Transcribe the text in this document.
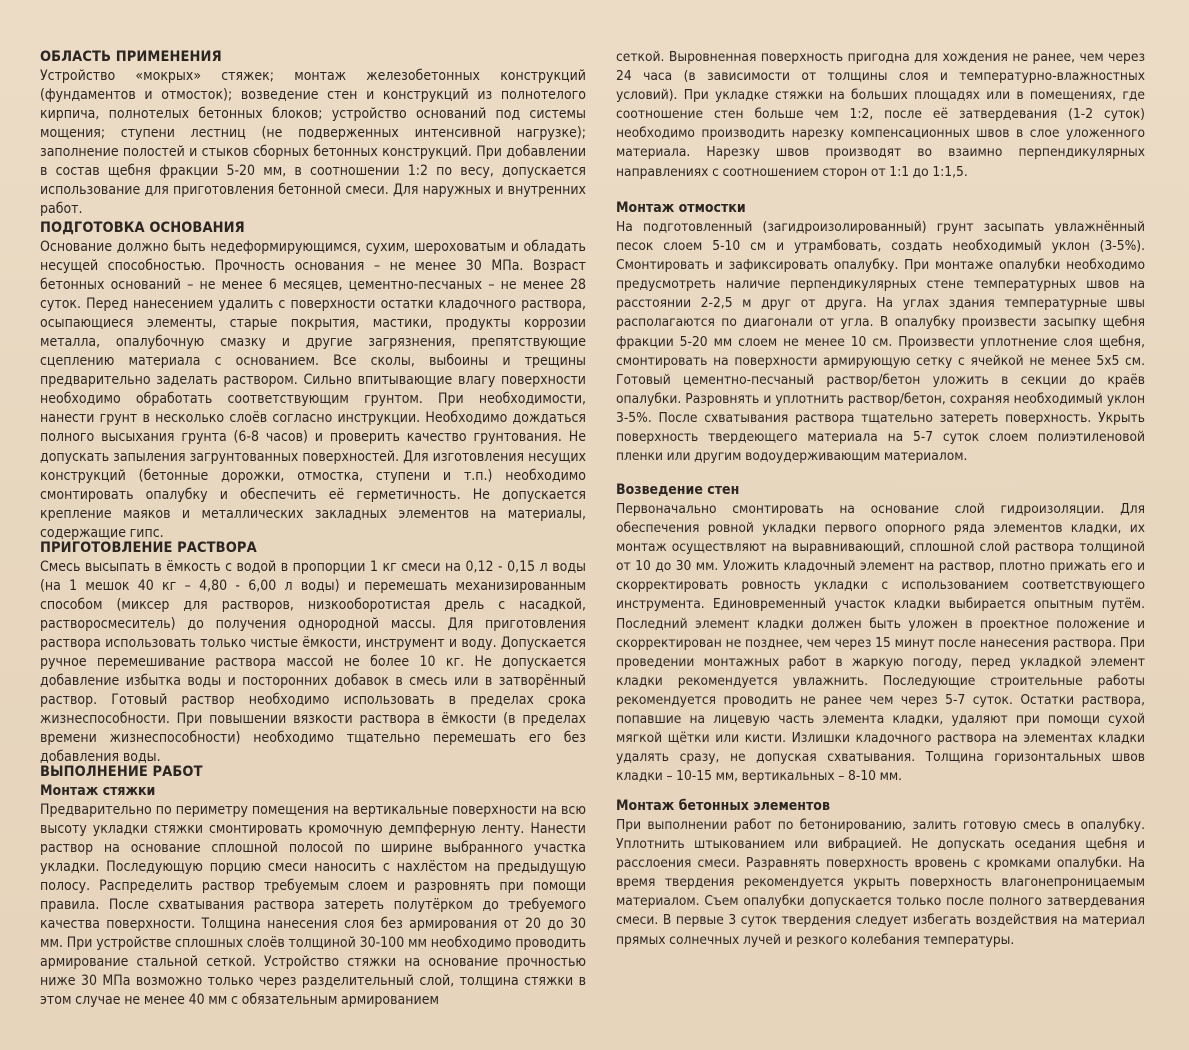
ОБЛАСТЬ ПРИМЕНЕНИЯ

Устройство «мокрых» стяжек; монтаж железобетонных конструкций (фундаментов и отмосток); возведение стен и конструкций из полнотелого кирпича, полнотелых бетонных блоков; устройство оснований под системы мощения; ступени лестниц (не подверженных интенсивной нагрузке); заполнение полостей и стыков сборных бетонных конструкций. При добавлении в состав щебня фракции 5-20 мм, в соотношении 1:2 по весу, допускается использование для приготовления бетонной смеси. Для наружных и внутренних работ.

ПОДГОТОВКА ОСНОВАНИЯ

Основание должно быть недеформирующимся, сухим, шероховатым и обладать несущей способностью. Прочность основания – не менее 30 МПа. Возраст бетонных оснований – не менее 6 месяцев, цементно-песчаных – не менее 28 суток. Перед нанесением удалить с поверхности остатки кладочного раствора, осыпающиеся элементы, старые покрытия, мастики, продукты коррозии металла, опалубочную смазку и другие загрязнения, препятствующие сцеплению материала с основанием. Все сколы, выбоины и трещины предварительно заделать раствором. Сильно впитывающие влагу поверхности необходимо обработать соответствующим грунтом. При необходимости, нанести грунт в несколько слоёв согласно инструкции. Необходимо дождаться полного высыхания грунта (6-8 часов) и проверить качество грунтования. Не допускать запыления загрунтованных поверхностей. Для изготовления несущих конструкций (бетонные дорожки, отмостка, ступени и т.п.) необходимо смонтировать опалубку и обеспечить её герметичность. Не допускается крепление маяков и металлических закладных элементов на материалы, содержащие гипс.

ПРИГОТОВЛЕНИЕ РАСТВОРА

Смесь высыпать в ёмкость с водой в пропорции 1 кг смеси на 0,12 - 0,15 л воды (на 1 мешок 40 кг – 4,80 - 6,00 л воды) и перемешать механизированным способом (миксер для растворов, низкооборотистая дрель с насадкой, растворосмеситель) до получения однородной массы. Для приготовления раствора использовать только чистые ёмкости, инструмент и воду. Допускается ручное перемешивание раствора массой не более 10 кг. Не допускается добавление избытка воды и посторонних добавок в смесь или в затворённый раствор. Готовый раствор необходимо использовать в пределах срока жизнеспособности. При повышении вязкости раствора в ёмкости (в пределах времени жизнеспособности) необходимо тщательно перемешать его без добавления воды.

ВЫПОЛНЕНИЕ РАБОТ
Монтаж стяжки

Предварительно по периметру помещения на вертикальные поверхности на всю высоту укладки стяжки смонтировать кромочную демпферную ленту. Нанести раствор на основание сплошной полосой по ширине выбранного участка укладки. Последующую порцию смеси наносить с нахлёстом на предыдущую полосу. Распределить раствор требуемым слоем и разровнять при помощи правила. После схватывания раствора затереть полутёрком до требуемого качества поверхности. Толщина нанесения слоя без армирования от 20 до 30 мм. При устройстве сплошных слоёв толщиной 30-100 мм необходимо проводить армирование стальной сеткой. Устройство стяжки на основание прочностью ниже 30 МПа возможно только через разделительный слой, толщина стяжки в этом случае не менее 40 мм с обязательным армированием

сеткой. Выровненная поверхность пригодна для хождения не ранее, чем через 24 часа (в зависимости от толщины слоя и температурно-влажностных условий). При укладке стяжки на больших площадях или в помещениях, где соотношение стен больше чем 1:2, после её затвердевания (1-2 суток) необходимо производить нарезку компенсационных швов в слое уложенного материала. Нарезку швов производят во взаимно перпендикулярных направлениях с соотношением сторон от 1:1 до 1:1,5.

Монтаж отмостки

На подготовленный (загидроизолированный) грунт засыпать увлажнённый песок слоем 5-10 см и утрамбовать, создать необходимый уклон (3-5%). Смонтировать и зафиксировать опалубку. При монтаже опалубки необходимо предусмотреть наличие перпендикулярных стене температурных швов на расстоянии 2-2,5 м друг от друга. На углах здания температурные швы располагаются по диагонали от угла. В опалубку произвести засыпку щебня фракции 5-20 мм слоем не менее 10 см. Произвести уплотнение слоя щебня, смонтировать на поверхности армирующую сетку с ячейкой не менее 5х5 см. Готовый цементно-песчаный раствор/бетон уложить в секции до краёв опалубки. Разровнять и уплотнить раствор/бетон, сохраняя необходимый уклон 3-5%. После схватывания раствора тщательно затереть поверхность. Укрыть поверхность твердеющего материала на 5-7 суток слоем полиэтиленовой пленки или другим водоудерживающим материалом.

Возведение стен

Первоначально смонтировать на основание слой гидроизоляции. Для обеспечения ровной укладки первого опорного ряда элементов кладки, их монтаж осуществляют на выравнивающий, сплошной слой раствора толщиной от 10 до 30 мм. Уложить кладочный элемент на раствор, плотно прижать его и скорректировать ровность укладки с использованием соответствующего инструмента. Единовременный участок кладки выбирается опытным путём. Последний элемент кладки должен быть уложен в проектное положение и скорректирован не позднее, чем через 15 минут после нанесения раствора. При проведении монтажных работ в жаркую погоду, перед укладкой элемент кладки рекомендуется увлажнить. Последующие строительные работы рекомендуется проводить не ранее чем через 5-7 суток. Остатки раствора, попавшие на лицевую часть элемента кладки, удаляют при помощи сухой мягкой щётки или кисти. Излишки кладочного раствора на элементах кладки удалять сразу, не допуская схватывания. Толщина горизонтальных швов кладки – 10-15 мм, вертикальных – 8-10 мм.

Монтаж бетонных элементов

При выполнении работ по бетонированию, залить готовую смесь в опалубку. Уплотнить штыкованием или вибрацией. Не допускать оседания щебня и расслоения смеси. Разравнять поверхность вровень с кромками опалубки. На время твердения рекомендуется укрыть поверхность влагонепроницаемым материалом. Съем опалубки допускается только после полного затвердевания смеси. В первые 3 суток твердения следует избегать воздействия на материал прямых солнечных лучей и резкого колебания температуры.
